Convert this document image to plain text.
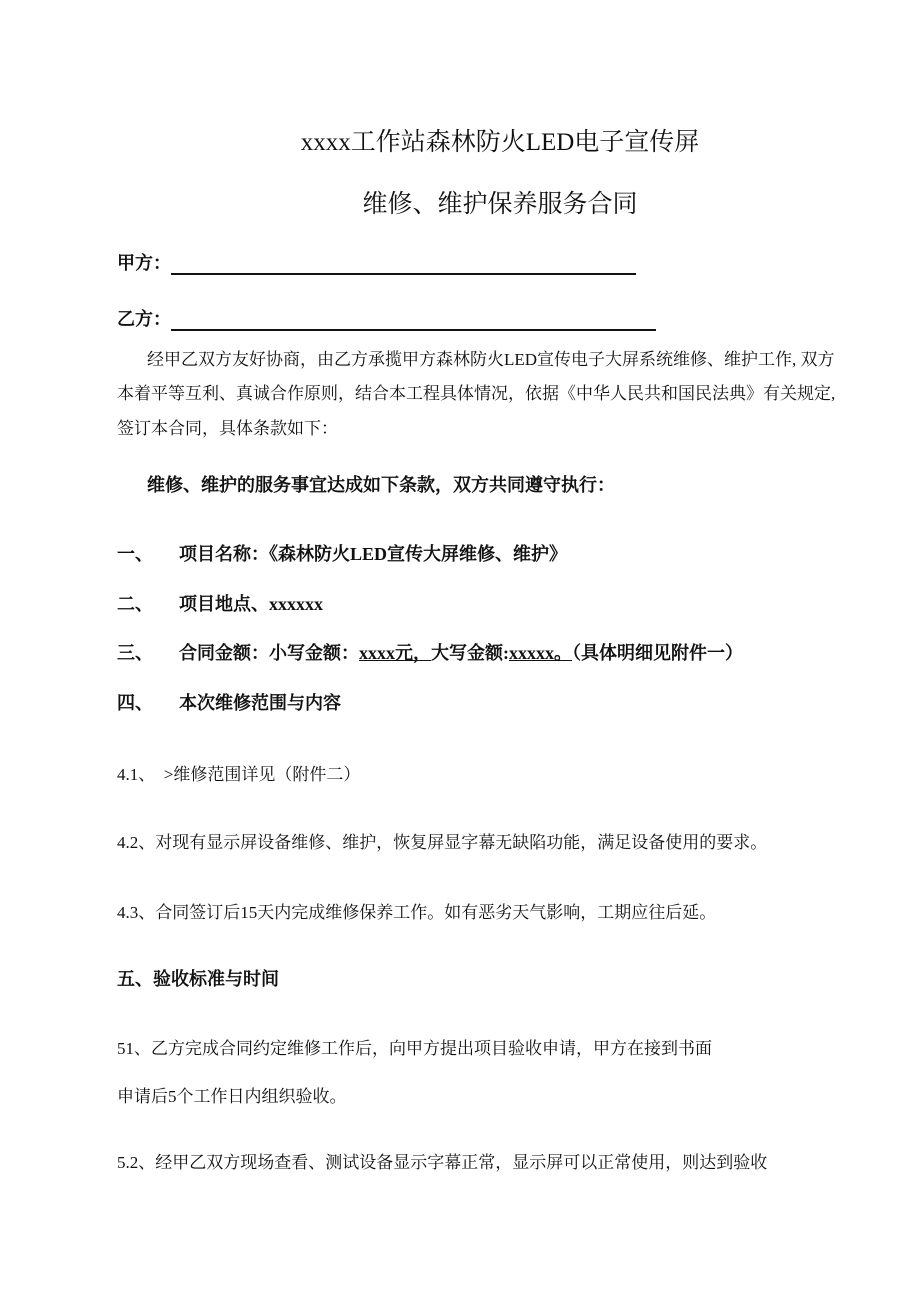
xxxx工作站森林防火LED电子宣传屏
维修、维护保养服务合同
甲方：
乙方：
经甲乙双方友好协商，由乙方承揽甲方森林防火LED宣传电子大屏系统维修、维护工作, 双方
本着平等互利、真诚合作原则，结合本工程具体情况，依据《中华人民共和国民法典》有关规定,
签订本合同，具体条款如下：
维修、维护的服务事宜达成如下条款，双方共同遵守执行：
一、 项目名称：《森林防火LED宣传大屏维修、维护》
二、 项目地点、xxxxxx
三、 合同金额：小写金额：xxxx元，大写金额:xxxxx。（具体明细见附件一）
四、 本次维修范围与内容
4.1、  >维修范围详见（附件二）
4.2、对现有显示屏设备维修、维护，恢复屏显字幕无缺陷功能，满足设备使用的要求。
4.3、合同签订后15天内完成维修保养工作。如有恶劣天气影响，工期应往后延。
五、验收标准与时间
51、乙方完成合同约定维修工作后，向甲方提出项目验收申请，甲方在接到书面
申请后5个工作日内组织验收。
5.2、经甲乙双方现场查看、测试设备显示字幕正常，显示屏可以正常使用，则达到验收
